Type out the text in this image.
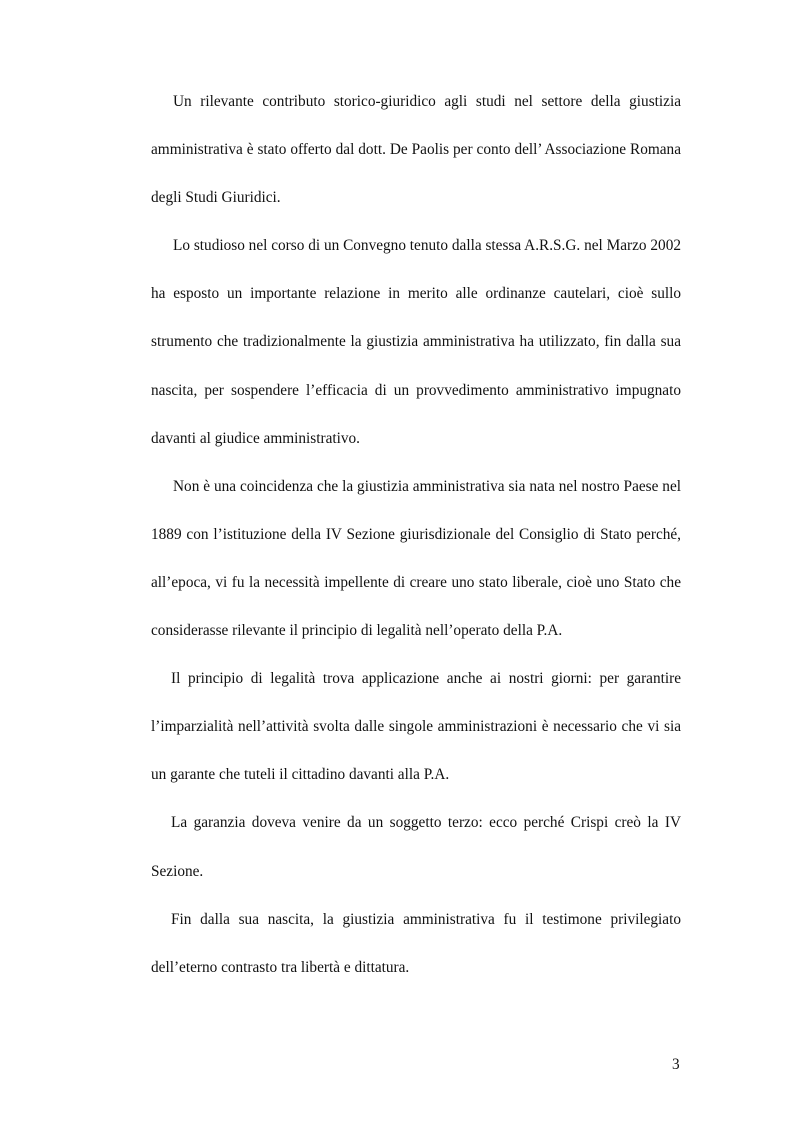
Un rilevante contributo storico-giuridico agli studi nel settore della giustizia amministrativa è stato offerto dal dott. De Paolis per conto dell’ Associazione Romana degli Studi Giuridici.

Lo studioso nel corso di un Convegno tenuto dalla stessa A.R.S.G. nel Marzo 2002 ha esposto un importante relazione in merito alle ordinanze cautelari, cioè sullo strumento che tradizionalmente la giustizia amministrativa ha utilizzato, fin dalla sua nascita, per sospendere l’efficacia di un provvedimento amministrativo impugnato davanti al giudice amministrativo.

Non è una coincidenza che la giustizia amministrativa sia nata nel nostro Paese nel 1889 con l’istituzione della IV Sezione giurisdizionale del Consiglio di Stato perché, all’epoca, vi fu la necessità impellente di creare uno stato liberale, cioè uno Stato che considerasse rilevante il principio di legalità nell’operato della P.A.

Il principio di legalità trova applicazione anche ai nostri giorni: per garantire l’imparzialità nell’attività svolta dalle singole amministrazioni è necessario che vi sia un garante che tuteli il cittadino davanti alla P.A.

La garanzia doveva venire da un soggetto terzo: ecco perché Crispi creò la IV Sezione.

Fin dalla sua nascita, la giustizia amministrativa fu il testimone privilegiato dell’eterno contrasto tra libertà e dittatura.

3
